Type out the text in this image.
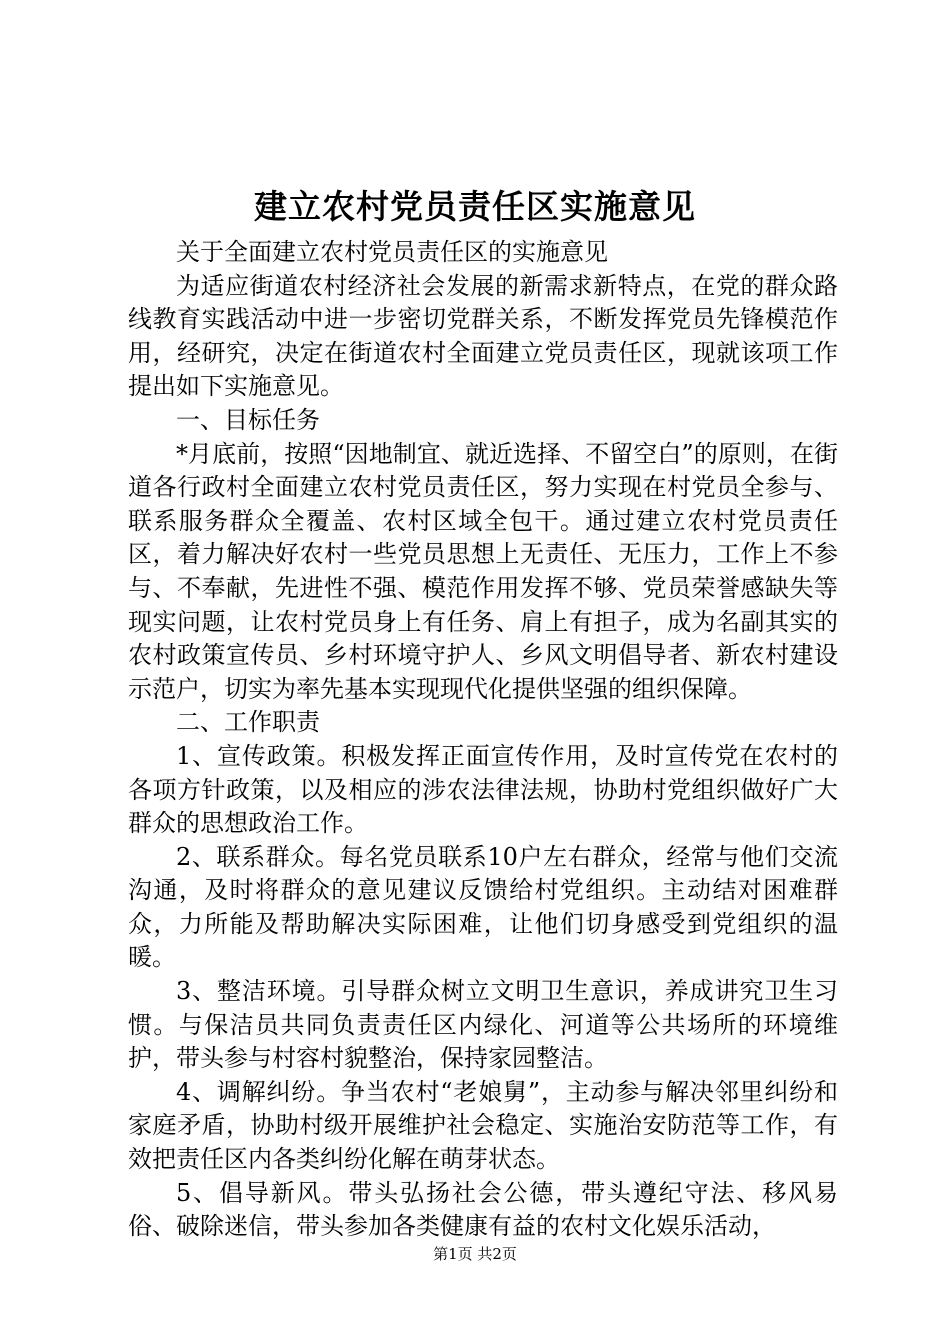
建立农村党员责任区实施意见

关于全面建立农村党员责任区的实施意见

为适应街道农村经济社会发展的新需求新特点，在党的群众路线教育实践活动中进一步密切党群关系，不断发挥党员先锋模范作用，经研究，决定在街道农村全面建立党员责任区，现就该项工作提出如下实施意见。

一、目标任务

*月底前，按照“因地制宜、就近选择、不留空白”的原则，在街道各行政村全面建立农村党员责任区，努力实现在村党员全参与、联系服务群众全覆盖、农村区域全包干。通过建立农村党员责任区，着力解决好农村一些党员思想上无责任、无压力，工作上不参与、不奉献，先进性不强、模范作用发挥不够、党员荣誉感缺失等现实问题，让农村党员身上有任务、肩上有担子，成为名副其实的农村政策宣传员、乡村环境守护人、乡风文明倡导者、新农村建设示范户，切实为率先基本实现现代化提供坚强的组织保障。

二、工作职责

1、宣传政策。积极发挥正面宣传作用，及时宣传党在农村的各项方针政策，以及相应的涉农法律法规，协助村党组织做好广大群众的思想政治工作。

2、联系群众。每名党员联系10户左右群众，经常与他们交流沟通，及时将群众的意见建议反馈给村党组织。主动结对困难群众，力所能及帮助解决实际困难，让他们切身感受到党组织的温暖。

3、整洁环境。引导群众树立文明卫生意识，养成讲究卫生习惯。与保洁员共同负责责任区内绿化、河道等公共场所的环境维护，带头参与村容村貌整治，保持家园整洁。

4、调解纠纷。争当农村“老娘舅”，主动参与解决邻里纠纷和家庭矛盾，协助村级开展维护社会稳定、实施治安防范等工作，有效把责任区内各类纠纷化解在萌芽状态。

5、倡导新风。带头弘扬社会公德，带头遵纪守法、移风易俗、破除迷信，带头参加各类健康有益的农村文化娱乐活动，

第1页 共2页
